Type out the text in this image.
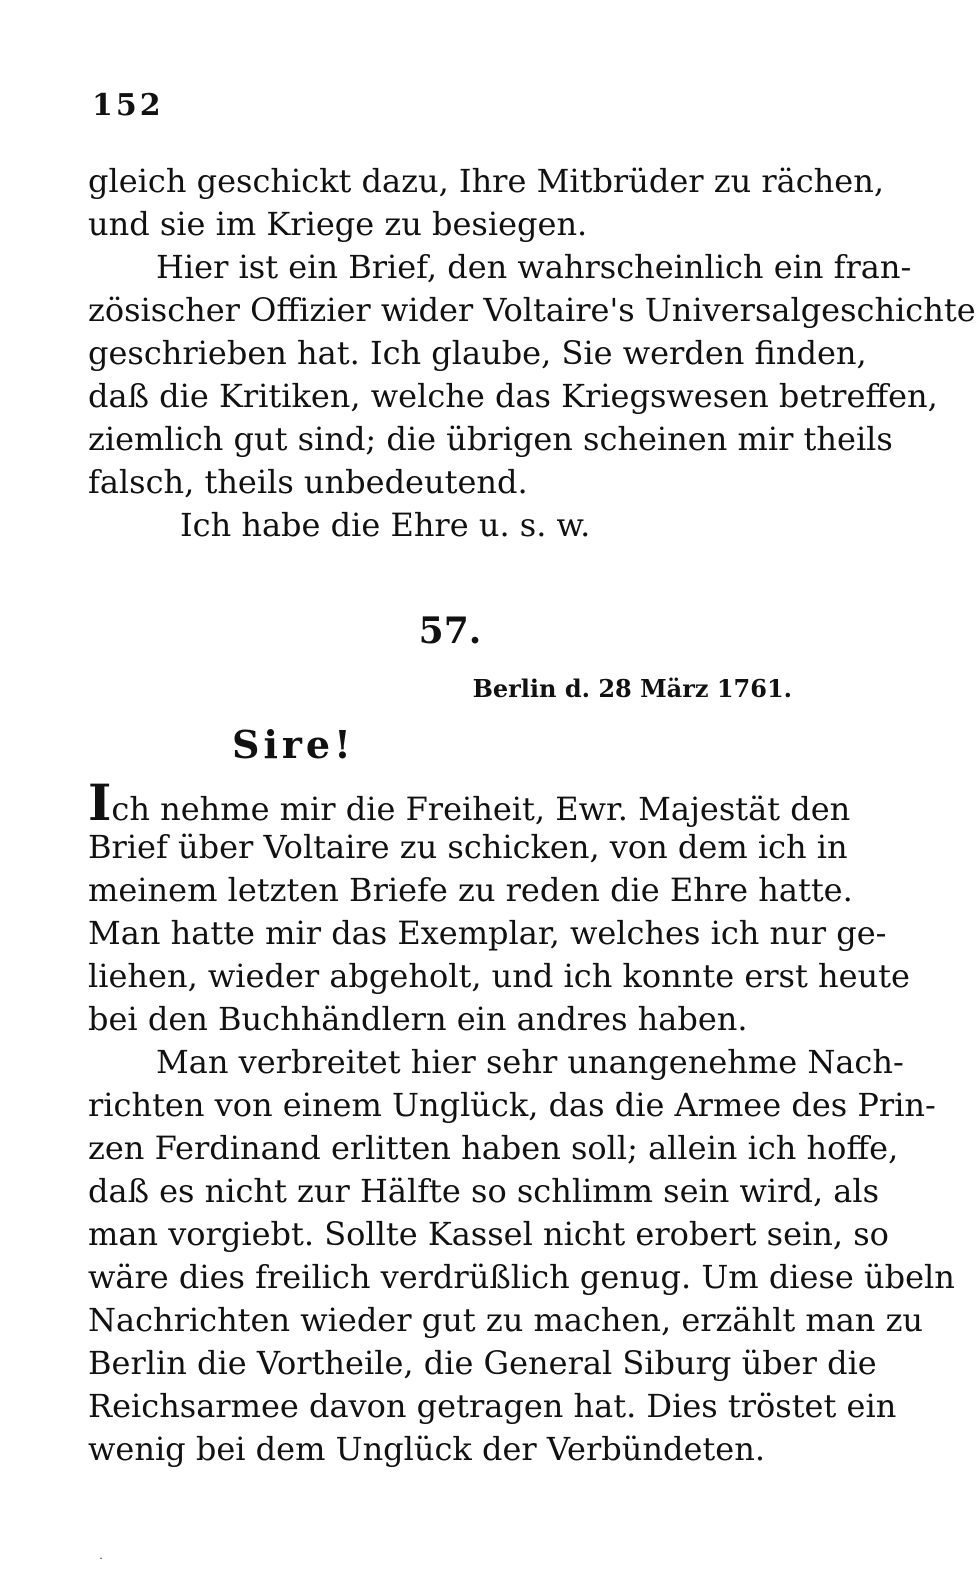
152
gleich geschickt dazu, Ihre Mitbrüder zu rächen,
und sie im Kriege zu besiegen.
Hier ist ein Brief, den wahrscheinlich ein fran-
zösischer Offizier wider Voltaire's Universalgeschichte
geschrieben hat. Ich glaube, Sie werden finden,
daß die Kritiken, welche das Kriegswesen betreffen,
ziemlich gut sind; die übrigen scheinen mir theils
falsch, theils unbedeutend.
Ich habe die Ehre u. s. w.
57.
Berlin d. 28 März 1761.
Sire!
Ich nehme mir die Freiheit, Ewr. Majestät den
Brief über Voltaire zu schicken, von dem ich in
meinem letzten Briefe zu reden die Ehre hatte.
Man hatte mir das Exemplar, welches ich nur ge-
liehen, wieder abgeholt, und ich konnte erst heute
bei den Buchhändlern ein andres haben.
Man verbreitet hier sehr unangenehme Nach-
richten von einem Unglück, das die Armee des Prin-
zen Ferdinand erlitten haben soll; allein ich hoffe,
daß es nicht zur Hälfte so schlimm sein wird, als
man vorgiebt. Sollte Kassel nicht erobert sein, so
wäre dies freilich verdrüßlich genug. Um diese übeln
Nachrichten wieder gut zu machen, erzählt man zu
Berlin die Vortheile, die General Siburg über die
Reichsarmee davon getragen hat. Dies tröstet ein
wenig bei dem Unglück der Verbündeten.
˙
